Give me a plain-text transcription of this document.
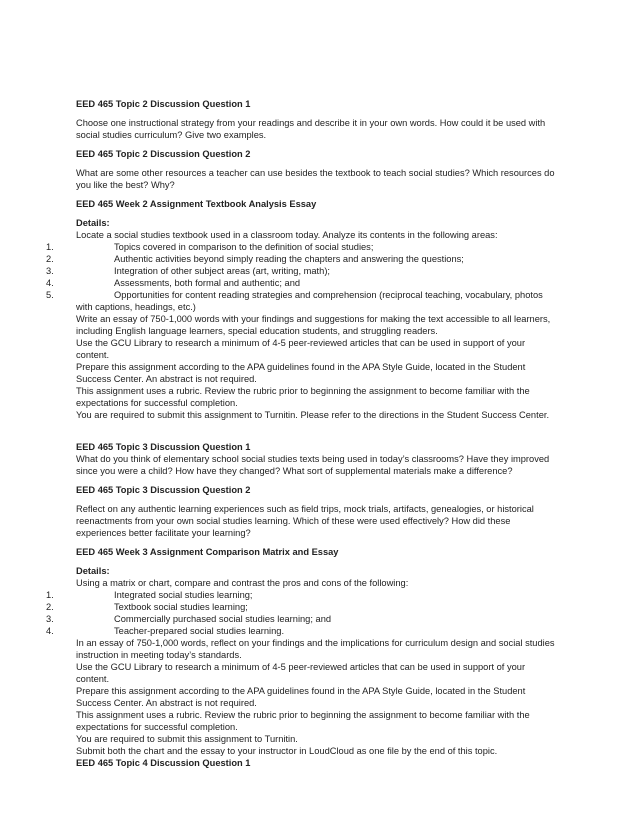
EED 465 Topic 2 Discussion Question 1

Choose one instructional strategy from your readings and describe it in your own words. How could it be used with social studies curriculum? Give two examples.

EED 465 Topic 2 Discussion Question 2

What are some other resources a teacher can use besides the textbook to teach social studies? Which resources do you like the best? Why?

EED 465 Week 2 Assignment Textbook Analysis Essay

Details:

Locate a social studies textbook used in a classroom today. Analyze its contents in the following areas:

1.	Topics covered in comparison to the definition of social studies;
2.	Authentic activities beyond simply reading the chapters and answering the questions;
3.	Integration of other subject areas (art, writing, math);
4.	Assessments, both formal and authentic; and
5.	Opportunities for content reading strategies and comprehension (reciprocal teaching, vocabulary, photos with captions, headings, etc.)

Write an essay of 750-1,000 words with your findings and suggestions for making the text accessible to all learners, including English language learners, special education students, and struggling readers.

Use the GCU Library to research a minimum of 4-5 peer-reviewed articles that can be used in support of your content.

Prepare this assignment according to the APA guidelines found in the APA Style Guide, located in the Student Success Center. An abstract is not required.

This assignment uses a rubric. Review the rubric prior to beginning the assignment to become familiar with the expectations for successful completion.

You are required to submit this assignment to Turnitin. Please refer to the directions in the Student Success Center.

EED 465 Topic 3 Discussion Question 1

What do you think of elementary school social studies texts being used in today’s classrooms? Have they improved since you were a child? How have they changed? What sort of supplemental materials make a difference?

EED 465 Topic 3 Discussion Question 2

Reflect on any authentic learning experiences such as field trips, mock trials, artifacts, genealogies, or historical reenactments from your own social studies learning. Which of these were used effectively? How did these experiences better facilitate your learning?

EED 465 Week 3 Assignment Comparison Matrix and Essay

Details:

Using a matrix or chart, compare and contrast the pros and cons of the following:

1.	Integrated social studies learning;
2.	Textbook social studies learning;
3.	Commercially purchased social studies learning; and
4.	Teacher-prepared social studies learning.

In an essay of 750-1,000 words, reflect on your findings and the implications for curriculum design and social studies instruction in meeting today’s standards.

Use the GCU Library to research a minimum of 4-5 peer-reviewed articles that can be used in support of your content.

Prepare this assignment according to the APA guidelines found in the APA Style Guide, located in the Student Success Center. An abstract is not required.

This assignment uses a rubric. Review the rubric prior to beginning the assignment to become familiar with the expectations for successful completion.

You are required to submit this assignment to Turnitin.

Submit both the chart and the essay to your instructor in LoudCloud as one file by the end of this topic.

EED 465 Topic 4 Discussion Question 1
